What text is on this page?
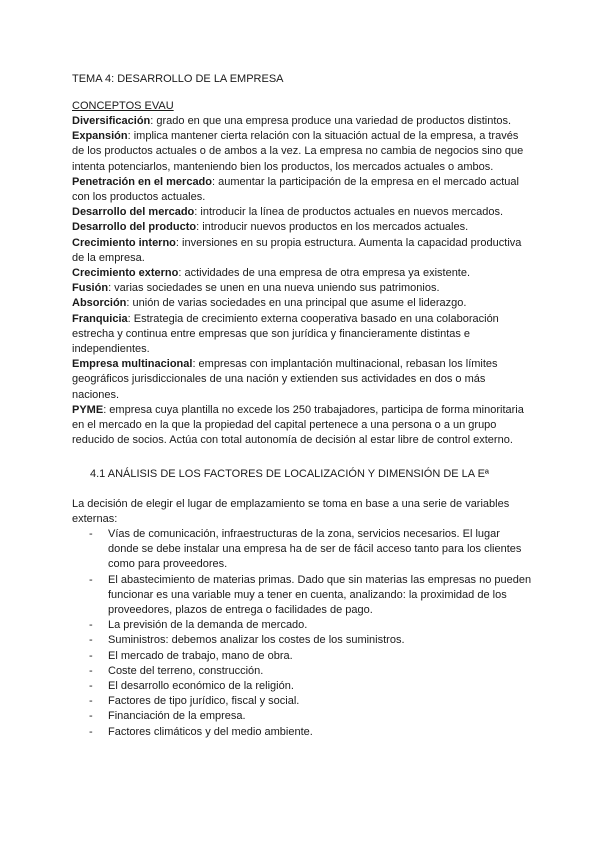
TEMA 4: DESARROLLO DE LA EMPRESA
CONCEPTOS EVAU

Diversificación: grado en que una empresa produce una variedad de productos distintos.

Expansión: implica mantener cierta relación con la situación actual de la empresa, a través de los productos actuales o de ambos a la vez. La empresa no cambia de negocios sino que intenta potenciarlos, manteniendo bien los productos, los mercados actuales o ambos.

Penetración en el mercado: aumentar la participación de la empresa en el mercado actual con los productos actuales.

Desarrollo del mercado: introducir la línea de productos actuales en nuevos mercados.

Desarrollo del producto: introducir nuevos productos en los mercados actuales.

Crecimiento interno: inversiones en su propia estructura. Aumenta la capacidad productiva de la empresa.

Crecimiento externo: actividades de una empresa de otra empresa ya existente.

Fusión: varias sociedades se unen en una nueva uniendo sus patrimonios.

Absorción: unión de varias sociedades en una principal que asume el liderazgo.

Franquicia: Estrategia de crecimiento externa cooperativa basado en una colaboración estrecha y continua entre empresas que son jurídica y financieramente distintas e independientes.

Empresa multinacional: empresas con implantación multinacional, rebasan los límites geográficos jurisdiccionales de una nación y extienden sus actividades en dos o más naciones.

PYME: empresa cuya plantilla no excede los 250 trabajadores, participa de forma minoritaria en el mercado en la que la propiedad del capital pertenece a una persona o a un grupo reducido de socios. Actúa con total autonomía de decisión al estar libre de control externo.

4.1 ANÁLISIS DE LOS FACTORES DE LOCALIZACIÓN Y DIMENSIÓN DE LA Eª
La decisión de elegir el lugar de emplazamiento se toma en base a una serie de variables externas:
- Vías de comunicación, infraestructuras de la zona, servicios necesarios. El lugar donde se debe instalar una empresa ha de ser de fácil acceso tanto para los clientes como para proveedores.
- El abastecimiento de materias primas. Dado que sin materias las empresas no pueden funcionar es una variable muy a tener en cuenta, analizando: la proximidad de los proveedores, plazos de entrega o facilidades de pago.
- La previsión de la demanda de mercado.
- Suministros: debemos analizar los costes de los suministros.
- El mercado de trabajo, mano de obra.
- Coste del terreno, construcción.
- El desarrollo económico de la religión.
- Factores de tipo jurídico, fiscal y social.
- Financiación de la empresa.
- Factores climáticos y del medio ambiente.
